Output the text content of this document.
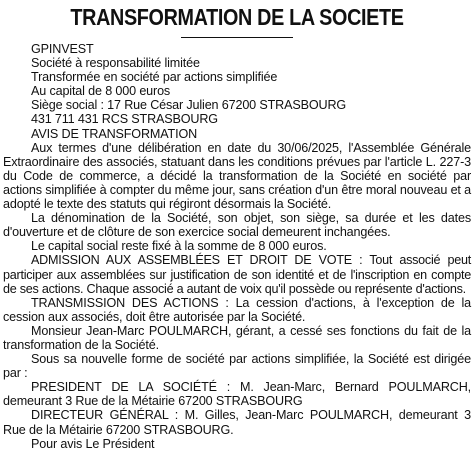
TRANSFORMATION DE LA SOCIETE

GPINVEST

Société à responsabilité limitée

Transformée en société par actions simplifiée

Au capital de 8 000 euros

Siège social : 17 Rue César Julien 67200 STRASBOURG

431 711 431 RCS STRASBOURG

AVIS DE TRANSFORMATION

Aux termes d'une délibération en date du 30/06/2025, l'Assemblée Générale Extraordinaire des associés, statuant dans les conditions prévues par l'article L. 227-3 du Code de commerce, a décidé la transformation de la Société en société par actions simplifiée à compter du même jour, sans création d'un être moral nouveau et a adopté le texte des statuts qui régiront désormais la Société.

La dénomination de la Société, son objet, son siège, sa durée et les dates d'ouverture et de clôture de son exercice social demeurent inchangées.

Le capital social reste fixé à la somme de 8 000 euros.

ADMISSION AUX ASSEMBLÉES ET DROIT DE VOTE : Tout associé peut participer aux assemblées sur justification de son identité et de l'inscription en compte de ses actions. Chaque associé a autant de voix qu'il possède ou représente d'actions.

TRANSMISSION DES ACTIONS : La cession d'actions, à l'exception de la cession aux associés, doit être autorisée par la Société.

Monsieur Jean-Marc POULMARCH, gérant, a cessé ses fonctions du fait de la transformation de la Société.

Sous sa nouvelle forme de société par actions simplifiée, la Société est dirigée par :

PRESIDENT DE LA SOCIÉTÉ : M. Jean-Marc, Bernard POULMARCH, demeurant 3 Rue de la Métairie 67200 STRASBOURG

DIRECTEUR GÉNÉRAL : M. Gilles, Jean-Marc POULMARCH, demeurant 3 Rue de la Métairie 67200 STRASBOURG.

Pour avis Le Président
